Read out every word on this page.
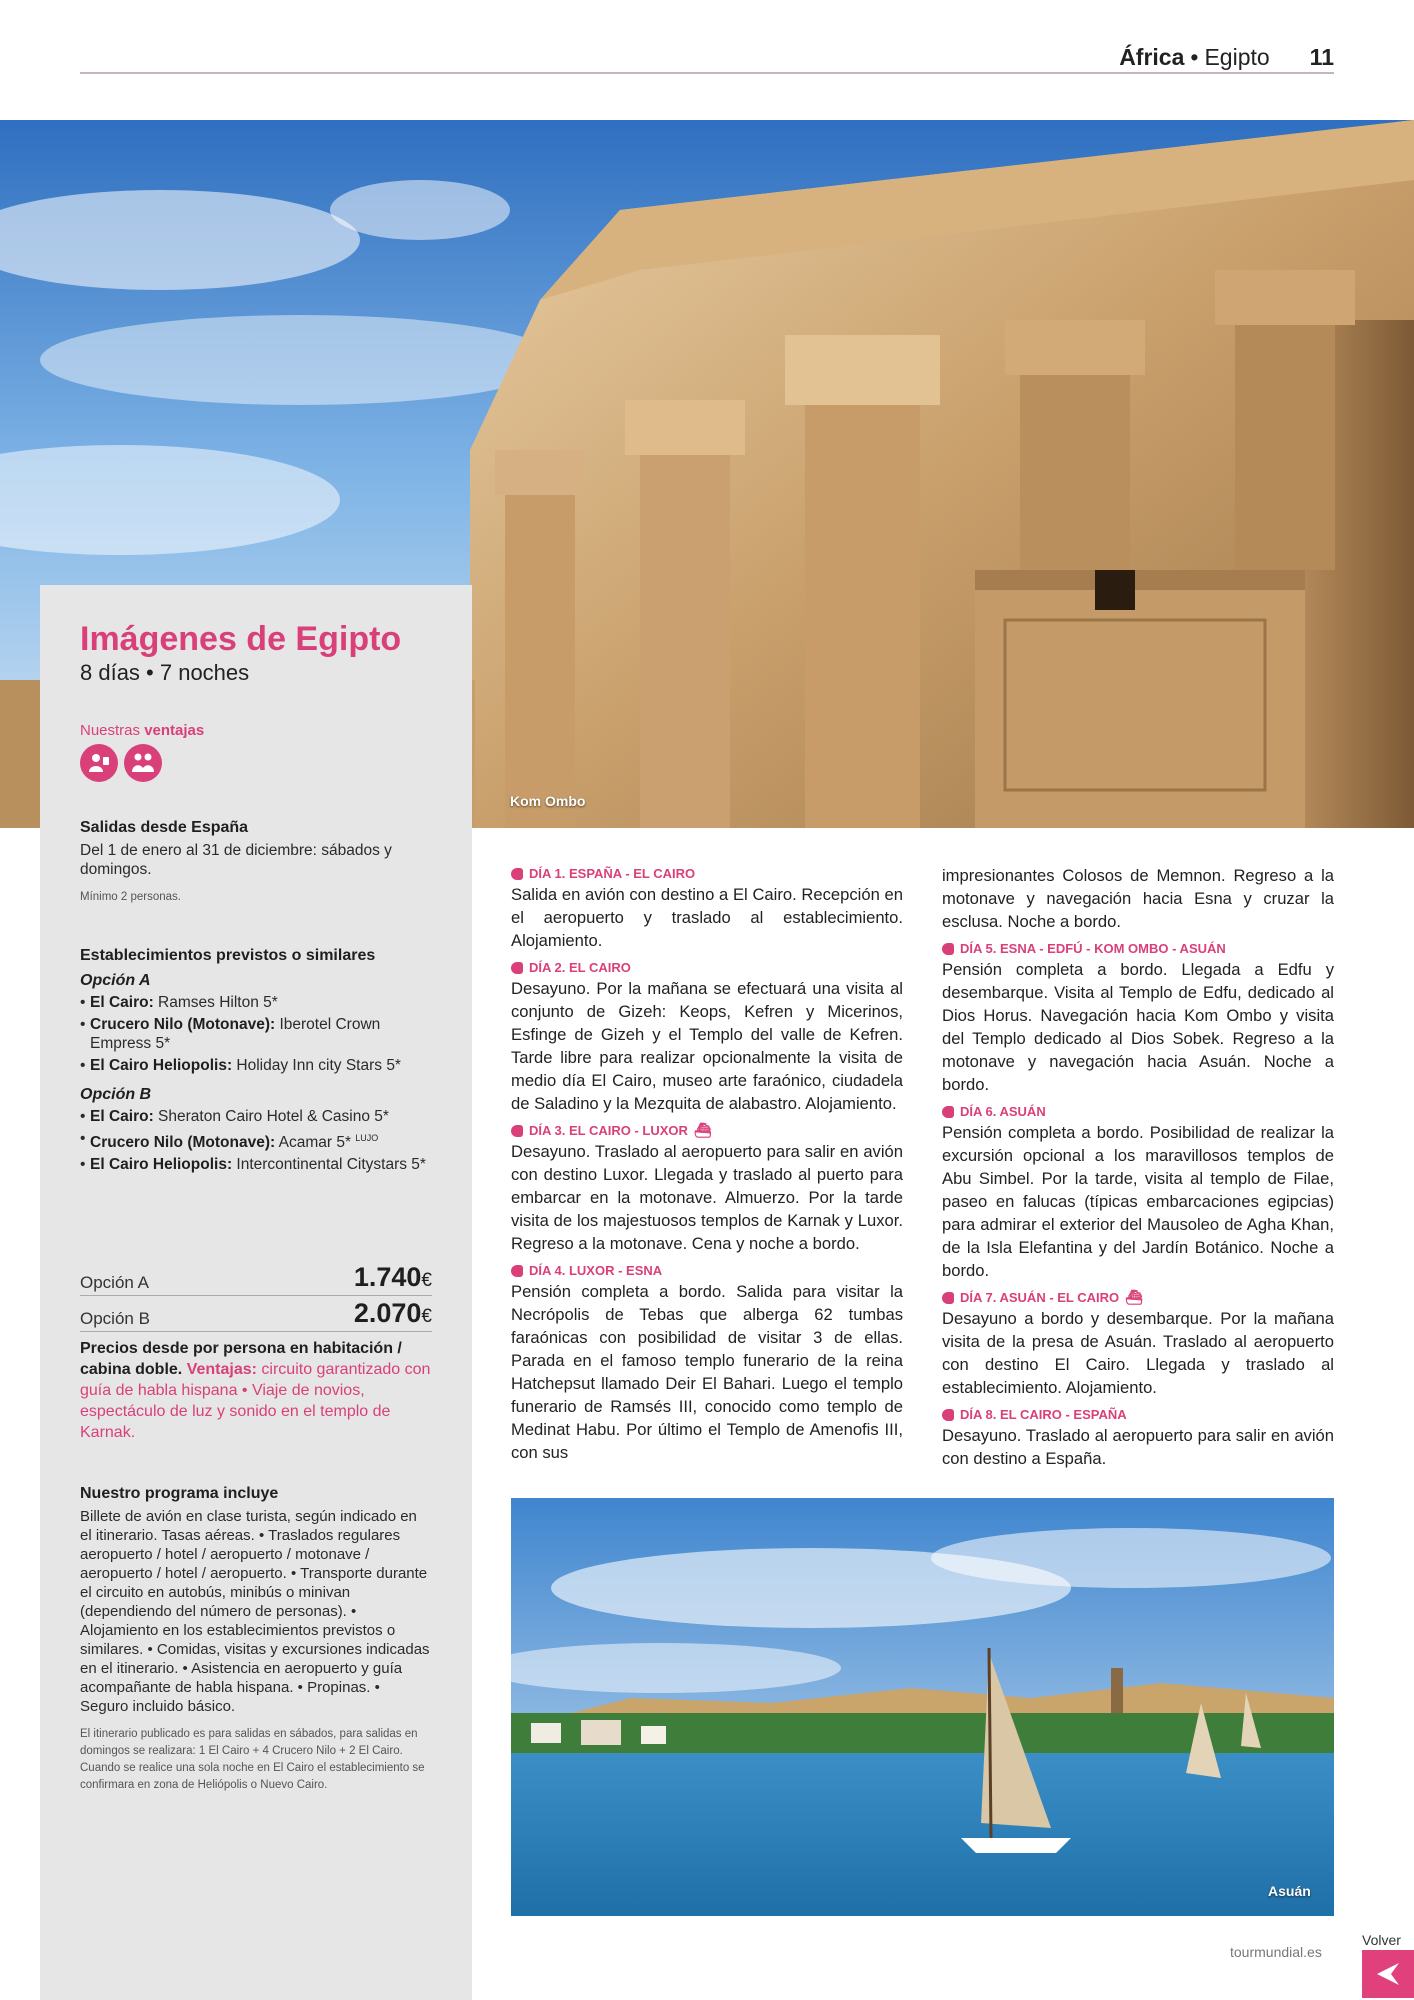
África • Egipto 11
Kom Ombo
Imágenes de Egipto
8 días • 7 noches
Nuestras ventajas
Salidas desde España
Del 1 de enero al 31 de diciembre: sábados y domingos.
Mínimo 2 personas.
Establecimientos previstos o similares
Opción A
• El Cairo: Ramses Hilton 5*
• Crucero Nilo (Motonave): Iberotel Crown Empress 5*
• El Cairo Heliopolis: Holiday Inn city Stars 5*
Opción B
• El Cairo: Sheraton Cairo Hotel & Casino 5*
• Crucero Nilo (Motonave): Acamar 5* $^{LUJO}$
• El Cairo Heliopolis: Intercontinental Citystars 5*
Opción A	1.740€
Opción B	2.070€
Precios desde por persona en habitación / cabina doble. Ventajas: circuito garantizado con guía de habla hispana • Viaje de novios, espectáculo de luz y sonido en el templo de Karnak.
Nuestro programa incluye
Billete de avión en clase turista, según indicado en el itinerario. Tasas aéreas. • Traslados regulares aeropuerto / hotel / aeropuerto / motonave / aeropuerto / hotel / aeropuerto. • Transporte durante el circuito en autobús, minibús o minivan (dependiendo del número de personas). • Alojamiento en los establecimientos previstos o similares. • Comidas, visitas y excursiones indicadas en el itinerario. • Asistencia en aeropuerto y guía acompañante de habla hispana. • Propinas. • Seguro incluido básico.
El itinerario publicado es para salidas en sábados, para salidas en domingos se realizara: 1 El Cairo + 4 Crucero Nilo + 2 El Cairo. Cuando se realice una sola noche en El Cairo el establecimiento se confirmara en zona de Heliópolis o Nuevo Cairo.
DÍA 1. ESPAÑA - EL CAIRO

Salida en avión con destino a El Cairo. Recepción en el aeropuerto y traslado al establecimiento. Alojamiento.

DÍA 2. EL CAIRO

Desayuno. Por la mañana se efectuará una visita al conjunto de Gizeh: Keops, Kefren y Micerinos, Esfinge de Gizeh y el Templo del valle de Kefren. Tarde libre para realizar opcionalmente la visita de medio día El Cairo, museo arte faraónico, ciudadela de Saladino y la Mezquita de alabastro. Alojamiento.

DÍA 3. EL CAIRO - LUXOR ⛴

Desayuno. Traslado al aeropuerto para salir en avión con destino Luxor. Llegada y traslado al puerto para embarcar en la motonave. Almuerzo. Por la tarde visita de los majestuosos templos de Karnak y Luxor. Regreso a la motonave. Cena y noche a bordo.

DÍA 4. LUXOR - ESNA

Pensión completa a bordo. Salida para visitar la Necrópolis de Tebas que alberga 62 tumbas faraónicas con posibilidad de visitar 3 de ellas. Parada en el famoso templo funerario de la reina Hatchepsut llamado Deir El Bahari. Luego el templo funerario de Ramsés III, conocido como templo de Medinat Habu. Por último el Templo de Amenofis III, con sus

impresionantes Colosos de Memnon. Regreso a la motonave y navegación hacia Esna y cruzar la esclusa. Noche a bordo.

DÍA 5. ESNA - EDFÚ - KOM OMBO - ASUÁN

Pensión completa a bordo. Llegada a Edfu y desembarque. Visita al Templo de Edfu, dedicado al Dios Horus. Navegación hacia Kom Ombo y visita del Templo dedicado al Dios Sobek. Regreso a la motonave y navegación hacia Asuán. Noche a bordo.

DÍA 6. ASUÁN

Pensión completa a bordo. Posibilidad de realizar la excursión opcional a los maravillosos templos de Abu Simbel. Por la tarde, visita al templo de Filae, paseo en falucas (típicas embarcaciones egipcias) para admirar el exterior del Mausoleo de Agha Khan, de la Isla Elefantina y del Jardín Botánico. Noche a bordo.

DÍA 7. ASUÁN - EL CAIRO ⛴

Desayuno a bordo y desembarque. Por la mañana visita de la presa de Asuán. Traslado al aeropuerto con destino El Cairo. Llegada y traslado al establecimiento. Alojamiento.

DÍA 8. EL CAIRO - ESPAÑA

Desayuno. Traslado al aeropuerto para salir en avión con destino a España.

Asuán
tourmundial.es
Volver
